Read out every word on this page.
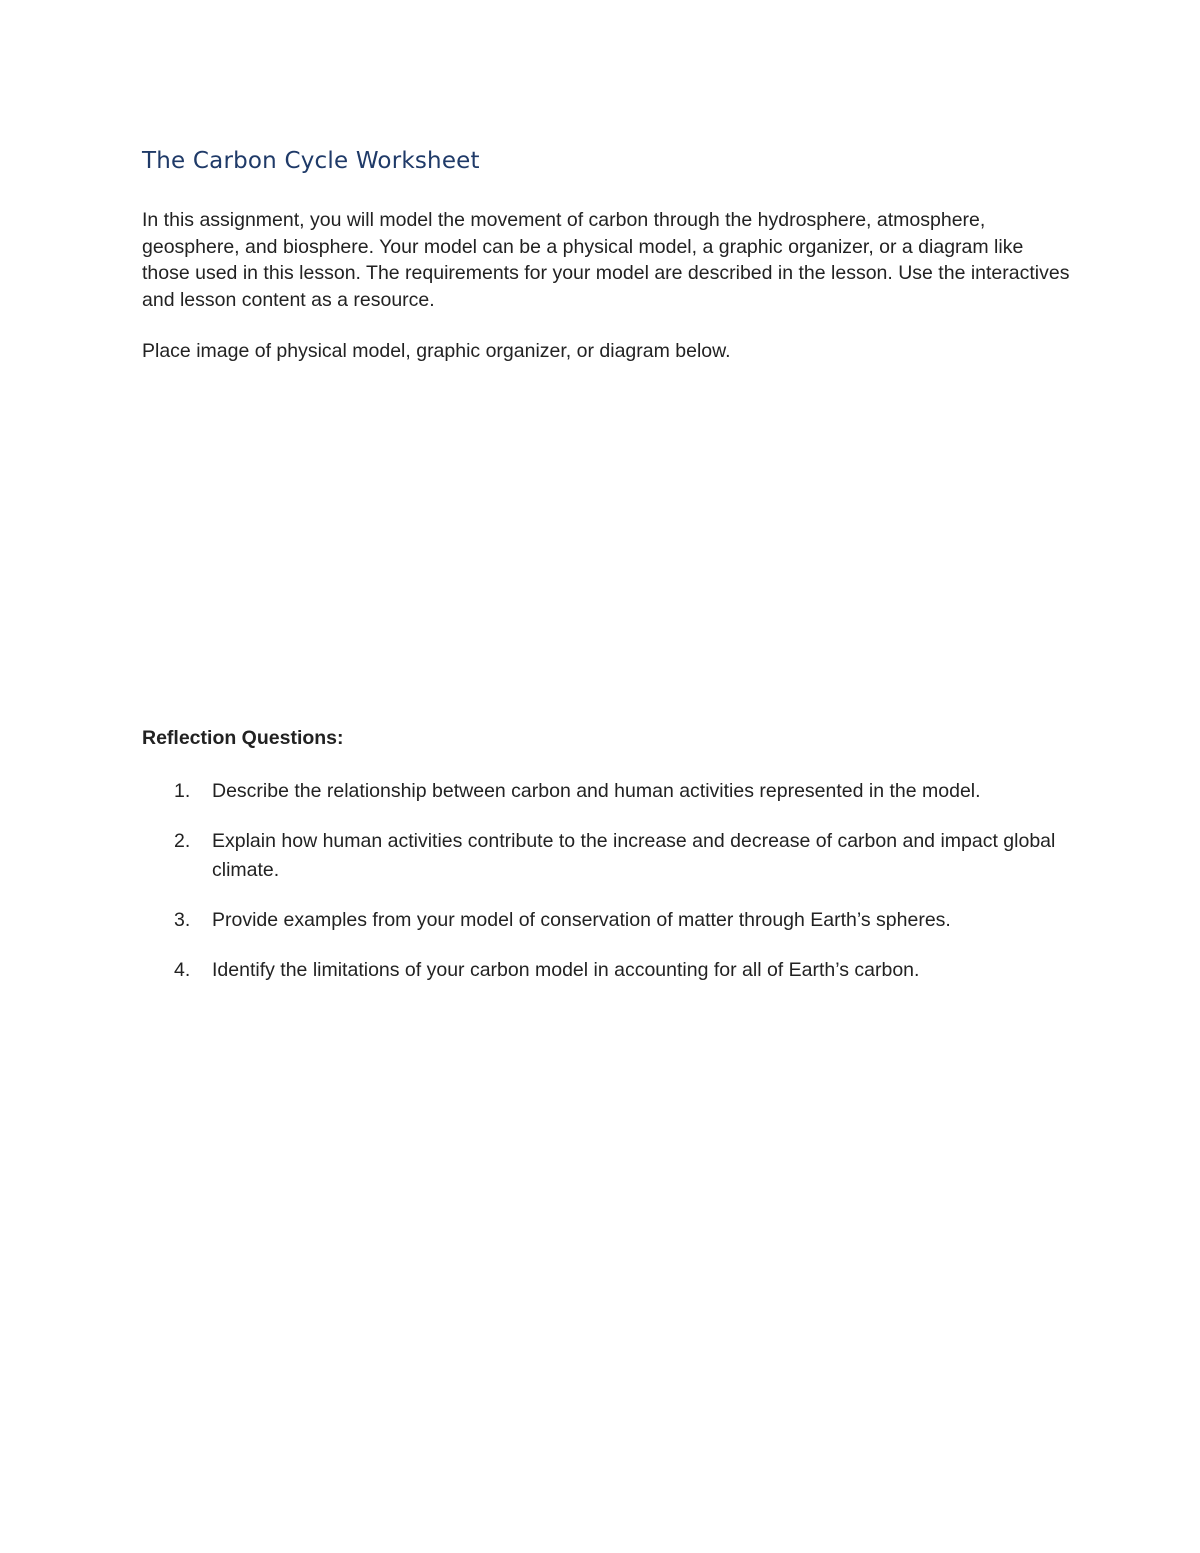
The Carbon Cycle Worksheet

In this assignment, you will model the movement of carbon through the hydrosphere, atmosphere, geosphere, and biosphere. Your model can be a physical model, a graphic organizer, or a diagram like those used in this lesson. The requirements for your model are described in the lesson. Use the interactives and lesson content as a resource.

Place image of physical model, graphic organizer, or diagram below.

Reflection Questions:
1. Describe the relationship between carbon and human activities represented in the model.
2. Explain how human activities contribute to the increase and decrease of carbon and impact global climate.
3. Provide examples from your model of conservation of matter through Earth’s spheres.
4. Identify the limitations of your carbon model in accounting for all of Earth’s carbon.
